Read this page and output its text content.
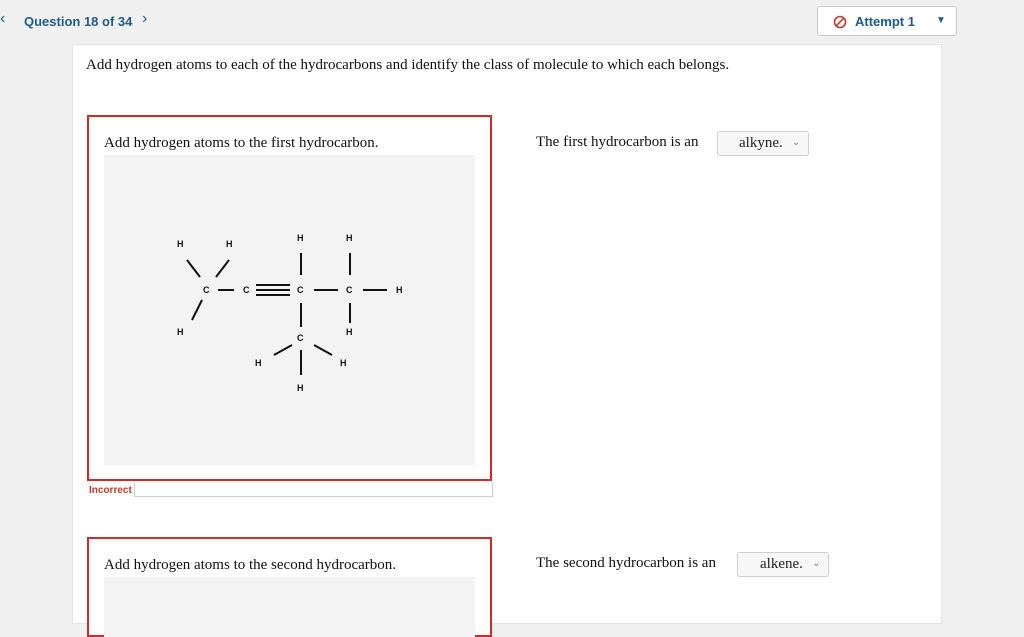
‹ Question 18 of 34 ›	Attempt 1 ▼
Add hydrogen atoms to each of the hydrocarbons and identify the class of molecule to which each belongs.
Add hydrogen atoms to the first hydrocarbon.
H	H
H	H
C	C	C	C	H
H	H
C
H	H
H
Incorrect
The first hydrocarbon is an	alkyne. ⌄
Add hydrogen atoms to the second hydrocarbon.	The second hydrocarbon is an	alkene. ⌄
